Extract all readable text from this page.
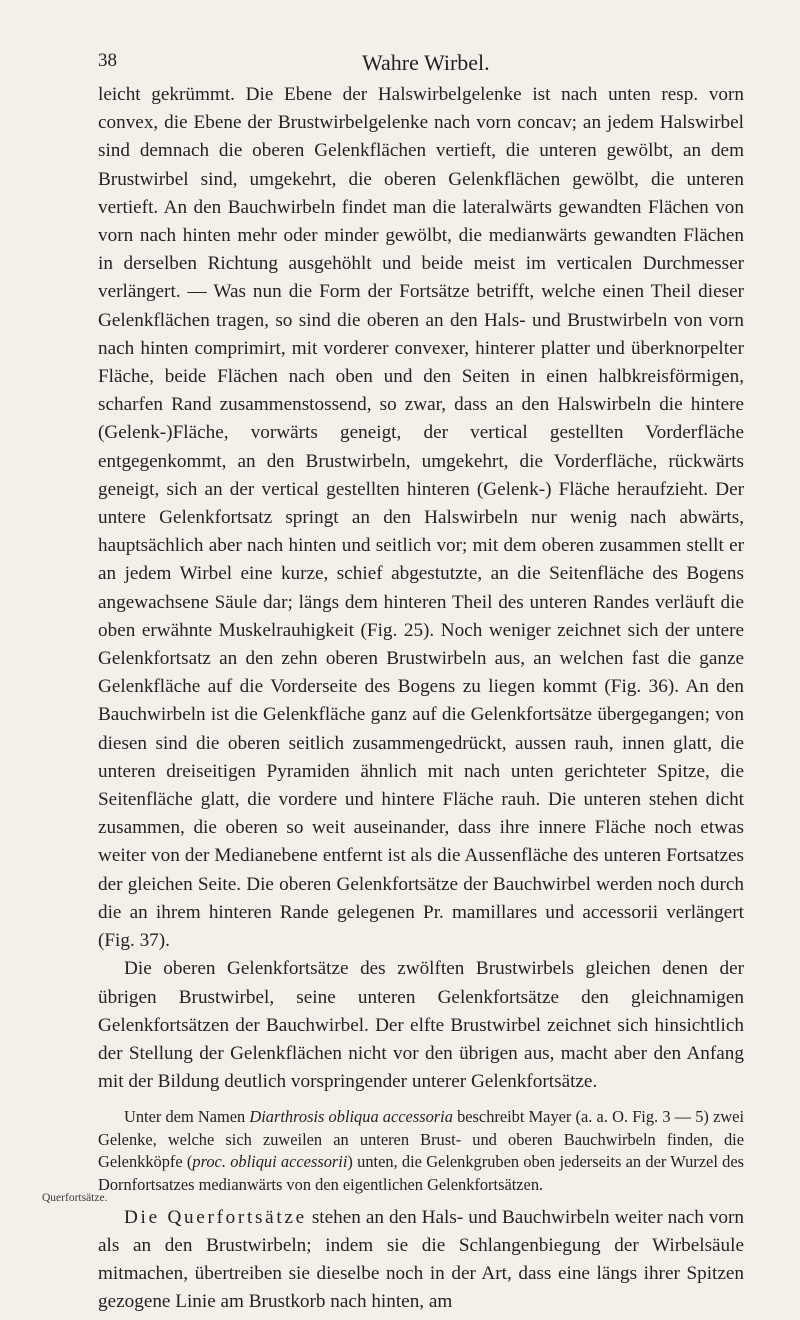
38	Wahre Wirbel.

leicht gekrümmt. Die Ebene der Halswirbelgelenke ist nach unten resp. vorn convex, die Ebene der Brustwirbelgelenke nach vorn concav; an jedem Halswirbel sind demnach die oberen Gelenkflächen vertieft, die unteren gewölbt, an dem Brustwirbel sind, umgekehrt, die oberen Gelenkflächen gewölbt, die unteren vertieft. An den Bauchwirbeln findet man die lateralwärts gewandten Flächen von vorn nach hinten mehr oder minder gewölbt, die medianwärts gewandten Flächen in derselben Richtung ausgehöhlt und beide meist im verticalen Durchmesser verlängert. — Was nun die Form der Fortsätze betrifft, welche einen Theil dieser Gelenkflächen tragen, so sind die oberen an den Hals- und Brustwirbeln von vorn nach hinten comprimirt, mit vorderer convexer, hinterer platter und überknorpelter Fläche, beide Flächen nach oben und den Seiten in einen halbkreisförmigen, scharfen Rand zusammenstossend, so zwar, dass an den Halswirbeln die hintere (Gelenk-)Fläche, vorwärts geneigt, der vertical gestellten Vorderfläche entgegenkommt, an den Brustwirbeln, umgekehrt, die Vorderfläche, rückwärts geneigt, sich an der vertical gestellten hinteren (Gelenk-) Fläche heraufzieht. Der untere Gelenkfortsatz springt an den Halswirbeln nur wenig nach abwärts, hauptsächlich aber nach hinten und seitlich vor; mit dem oberen zusammen stellt er an jedem Wirbel eine kurze, schief abgestutzte, an die Seitenfläche des Bogens angewachsene Säule dar; längs dem hinteren Theil des unteren Randes verläuft die oben erwähnte Muskelrauhigkeit (Fig. 25). Noch weniger zeichnet sich der untere Gelenkfortsatz an den zehn oberen Brustwirbeln aus, an welchen fast die ganze Gelenkfläche auf die Vorderseite des Bogens zu liegen kommt (Fig. 36). An den Bauchwirbeln ist die Gelenkfläche ganz auf die Gelenkfortsätze übergegangen; von diesen sind die oberen seitlich zusammengedrückt, aussen rauh, innen glatt, die unteren dreiseitigen Pyramiden ähnlich mit nach unten gerichteter Spitze, die Seitenfläche glatt, die vordere und hintere Fläche rauh. Die unteren stehen dicht zusammen, die oberen so weit auseinander, dass ihre innere Fläche noch etwas weiter von der Medianebene entfernt ist als die Aussenfläche des unteren Fortsatzes der gleichen Seite. Die oberen Gelenkfortsätze der Bauchwirbel werden noch durch die an ihrem hinteren Rande gelegenen Pr. mamillares und accessorii verlängert (Fig. 37).

Die oberen Gelenkfortsätze des zwölften Brustwirbels gleichen denen der übrigen Brustwirbel, seine unteren Gelenkfortsätze den gleichnamigen Gelenkfortsätzen der Bauchwirbel. Der elfte Brustwirbel zeichnet sich hinsichtlich der Stellung der Gelenkflächen nicht vor den übrigen aus, macht aber den Anfang mit der Bildung deutlich vorspringender unterer Gelenkfortsätze.

Unter dem Namen Diarthrosis obliqua accessoria beschreibt Mayer (a. a. O. Fig. 3 — 5) zwei Gelenke, welche sich zuweilen an unteren Brust- und oberen Bauchwirbeln finden, die Gelenkköpfe (proc. obliqui accessorii) unten, die Gelenkgruben oben jederseits an der Wurzel des Dornfortsatzes medianwärts von den eigentlichen Gelenkfortsätzen.

Die Querfortsätze stehen an den Hals- und Bauchwirbeln weiter nach vorn als an den Brustwirbeln; indem sie die Schlangenbiegung der Wirbelsäule mitmachen, übertreiben sie dieselbe noch in der Art, dass eine längs ihrer Spitzen gezogene Linie am Brustkorb nach hinten, am

Querfortsätze.
